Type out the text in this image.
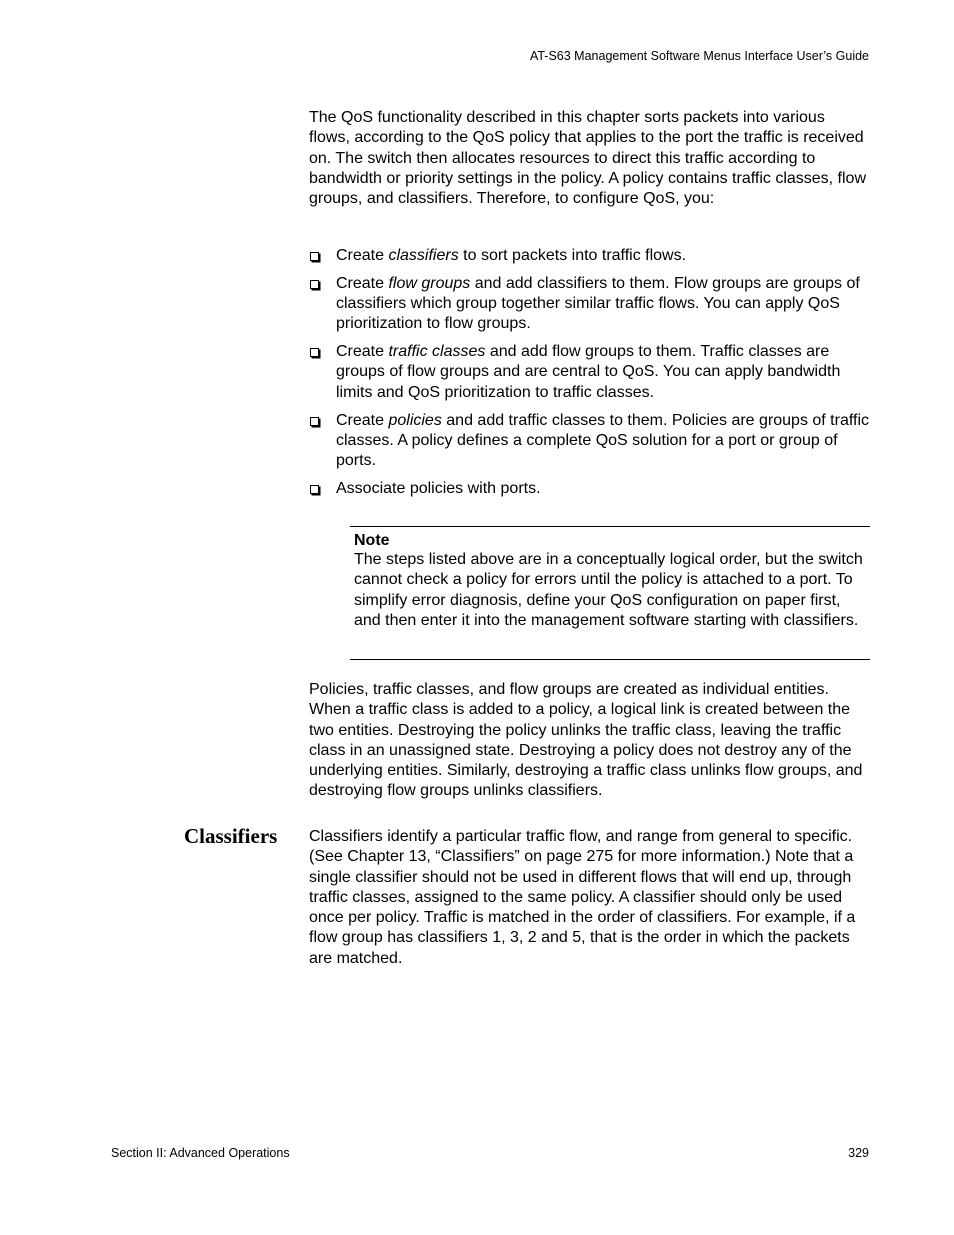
AT-S63 Management Software Menus Interface User’s Guide
The QoS functionality described in this chapter sorts packets into various flows, according to the QoS policy that applies to the port the traffic is received on. The switch then allocates resources to direct this traffic according to bandwidth or priority settings in the policy. A policy contains traffic classes, flow groups, and classifiers. Therefore, to configure QoS, you:
Create classifiers to sort packets into traffic flows.
Create flow groups and add classifiers to them. Flow groups are groups of classifiers which group together similar traffic flows. You can apply QoS prioritization to flow groups.
Create traffic classes and add flow groups to them. Traffic classes are groups of flow groups and are central to QoS. You can apply bandwidth limits and QoS prioritization to traffic classes.
Create policies and add traffic classes to them. Policies are groups of traffic classes. A policy defines a complete QoS solution for a port or group of ports.
Associate policies with ports.
Note
The steps listed above are in a conceptually logical order, but the switch cannot check a policy for errors until the policy is attached to a port. To simplify error diagnosis, define your QoS configuration on paper first, and then enter it into the management software starting with classifiers.
Policies, traffic classes, and flow groups are created as individual entities. When a traffic class is added to a policy, a logical link is created between the two entities. Destroying the policy unlinks the traffic class, leaving the traffic class in an unassigned state. Destroying a policy does not destroy any of the underlying entities. Similarly, destroying a traffic class unlinks flow groups, and destroying flow groups unlinks classifiers.
Classifiers Classifiers identify a particular traffic flow, and range from general to specific. (See Chapter 13, “Classifiers” on page 275 for more information.) Note that a single classifier should not be used in different flows that will end up, through traffic classes, assigned to the same policy. A classifier should only be used once per policy. Traffic is matched in the order of classifiers. For example, if a flow group has classifiers 1, 3, 2 and 5, that is the order in which the packets are matched.
Section II: Advanced Operations	329
